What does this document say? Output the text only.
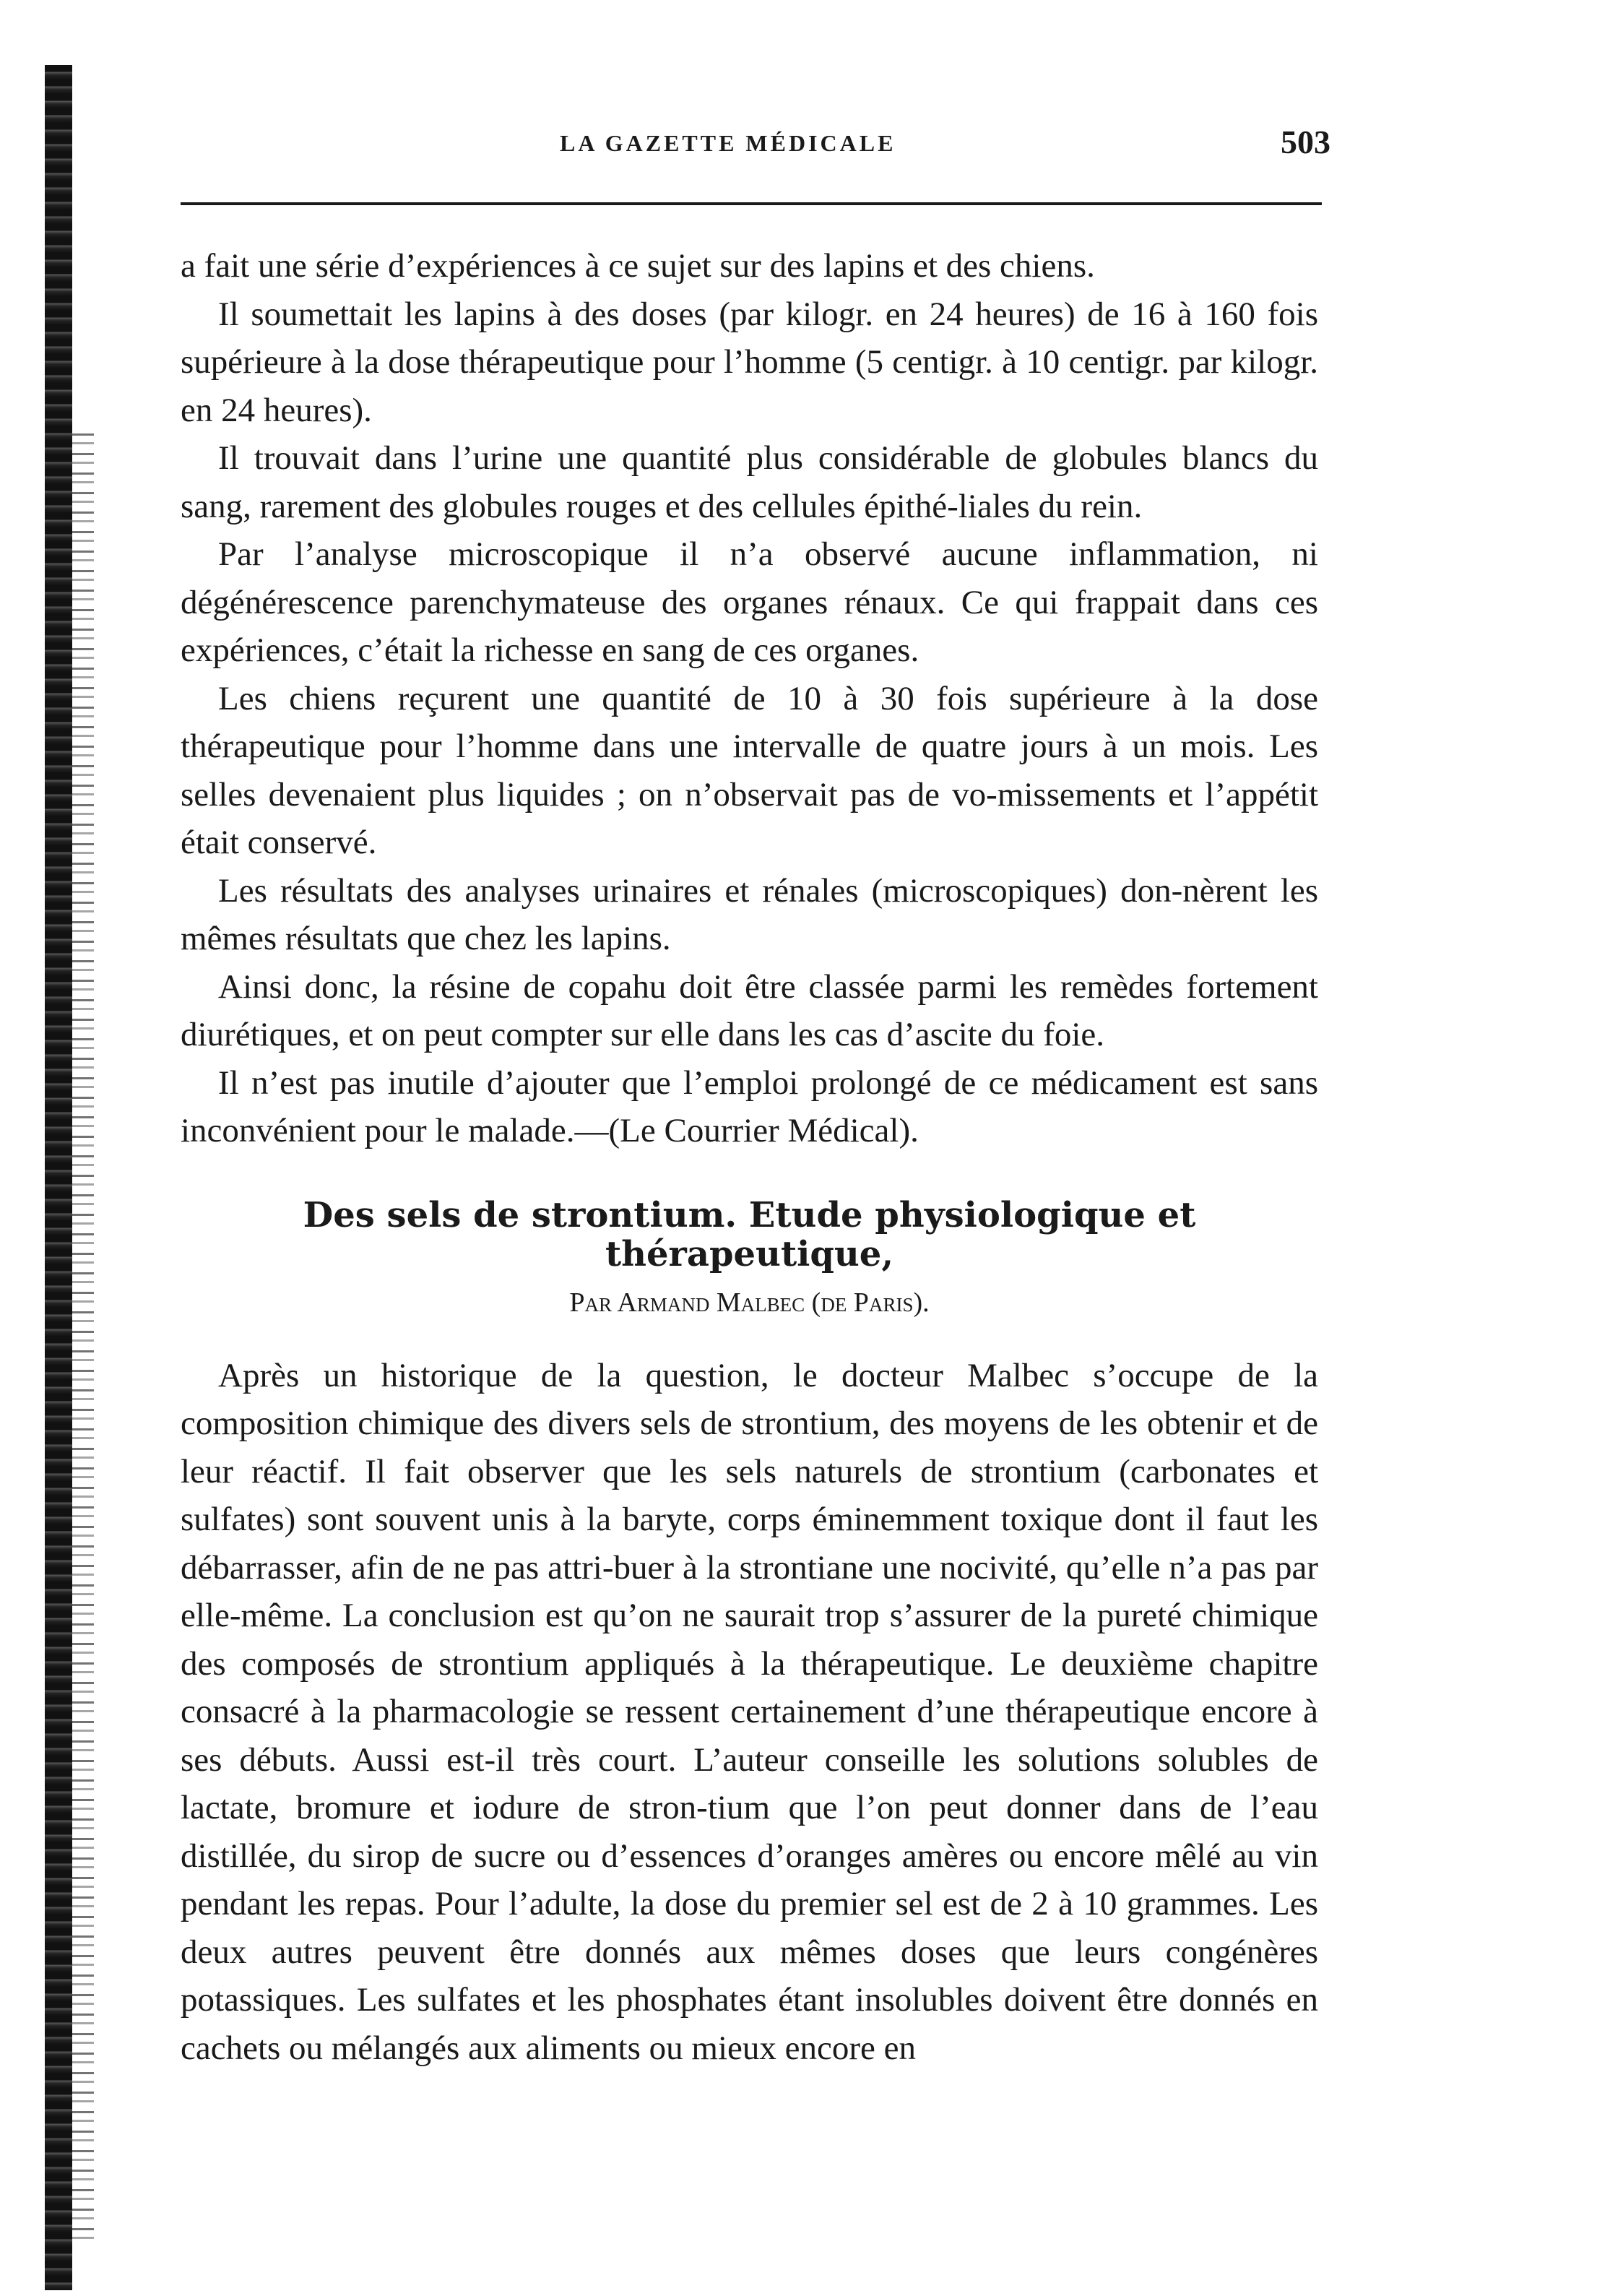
LA GAZETTE MÉDICALE	503

a fait une série d’expériences à ce sujet sur des lapins et des chiens.

Il soumettait les lapins à des doses (par kilogr. en 24 heures) de 16 à 160 fois supérieure à la dose thérapeutique pour l’homme (5 centigr. à 10 centigr. par kilogr. en 24 heures).

Il trouvait dans l’urine une quantité plus considérable de globules blancs du sang, rarement des globules rouges et des cellules épithé-liales du rein.

Par l’analyse microscopique il n’a observé aucune inflammation, ni dégénérescence parenchymateuse des organes rénaux. Ce qui frappait dans ces expériences, c’était la richesse en sang de ces organes.

Les chiens reçurent une quantité de 10 à 30 fois supérieure à la dose thérapeutique pour l’homme dans une intervalle de quatre jours à un mois. Les selles devenaient plus liquides ; on n’observait pas de vo-missements et l’appétit était conservé.

Les résultats des analyses urinaires et rénales (microscopiques) don-nèrent les mêmes résultats que chez les lapins.

Ainsi donc, la résine de copahu doit être classée parmi les remèdes fortement diurétiques, et on peut compter sur elle dans les cas d’ascite du foie.

Il n’est pas inutile d’ajouter que l’emploi prolongé de ce médicament est sans inconvénient pour le malade.—(Le Courrier Médical).

Des sels de strontium. Etude physiologique et thérapeutique,
Par Armand Malbec (de Paris).

Après un historique de la question, le docteur Malbec s’occupe de la composition chimique des divers sels de strontium, des moyens de les obtenir et de leur réactif. Il fait observer que les sels naturels de strontium (carbonates et sulfates) sont souvent unis à la baryte, corps éminemment toxique dont il faut les débarrasser, afin de ne pas attri-buer à la strontiane une nocivité, qu’elle n’a pas par elle-même. La conclusion est qu’on ne saurait trop s’assurer de la pureté chimique des composés de strontium appliqués à la thérapeutique. Le deuxième chapitre consacré à la pharmacologie se ressent certainement d’une thérapeutique encore à ses débuts. Aussi est-il très court. L’auteur conseille les solutions solubles de lactate, bromure et iodure de stron-tium que l’on peut donner dans de l’eau distillée, du sirop de sucre ou d’essences d’oranges amères ou encore mêlé au vin pendant les repas. Pour l’adulte, la dose du premier sel est de 2 à 10 grammes. Les deux autres peuvent être donnés aux mêmes doses que leurs congénères potassiques. Les sulfates et les phosphates étant insolubles doivent être donnés en cachets ou mélangés aux aliments ou mieux encore en
